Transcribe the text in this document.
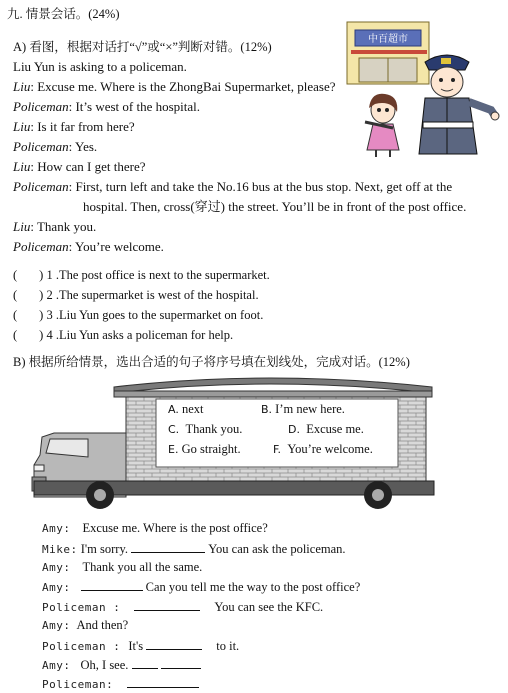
九. 情景会话。(24%)
A) 看图，根据对话打“√”或“×”判断对错。(12%)
中百超市
Liu Yun is asking to a policeman.
Liu: Excuse me. Where is the ZhongBai Supermarket, please?
Policeman: It’s west of the hospital.
Liu: Is it far from here?
Policeman: Yes.
Liu: How can I get there?
Policeman: First, turn left and take the No.16 bus at the bus stop. Next, get off at the
hospital. Then, cross(穿过) the street. You’ll be in front of the post office.
Liu: Thank you.
Policeman: You’re welcome.
( ) 1 .The post office is next to the supermarket.
( ) 2 .The supermarket is west of the hospital.
( ) 3 .Liu Yun goes to the supermarket on foot.
( ) 4 .Liu Yun asks a policeman for help.
B) 根据所给情景，选出合适的句子将序号填在划线处，完成对话。(12%)
A. next	B. I’m new here.
C. Thank you.	D. Excuse me.
E. Go straight.	F. You’re welcome.
Amy: Excuse me. Where is the post office?
Mike: I'm sorry.	You can ask the policeman.
Amy: Thank you all the same.
Amy:	Can you tell me the way to the post office?
Policeman :	You can see the KFC.
Amy: And then?
Policeman : It's	to it.
Amy: Oh, I see.
Policeman:
